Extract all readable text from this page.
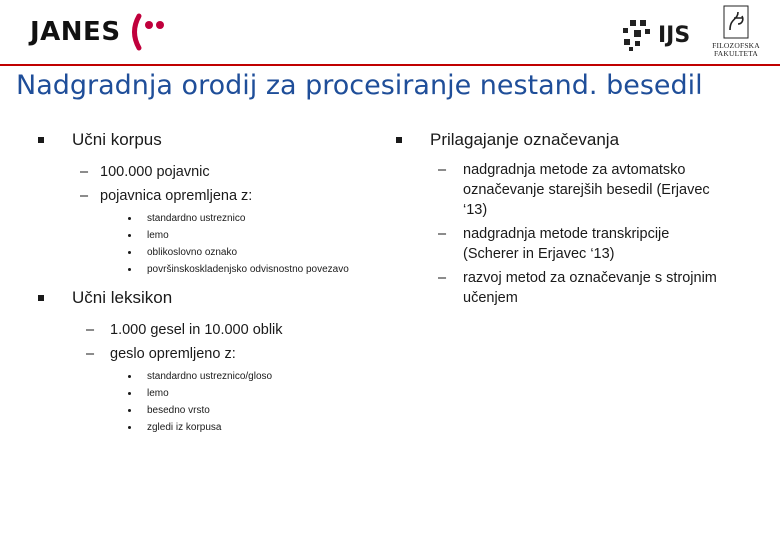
JANES	IJS	FILOZOFSKA
FAKULTETA
Nadgradnja orodij za procesiranje nestand. besedil
Učni korpus
– 100.000 pojavnic
– pojavnica opremljena z:
standardno ustreznico
lemo
oblikoslovno oznako
površinskoskladenjsko odvisnostno povezavo
Učni leksikon
– 1.000 gesel in 10.000 oblik
– geslo opremljeno z:
standardno ustreznico/gloso
lemo
besedno vrsto
zgledi iz korpusa
Prilagajanje označevanja
– nadgradnja metode za avtomatsko
označevanje starejših besedil (Erjavec
‘13)
– nadgradnja metode transkripcije
(Scherer in Erjavec ‘13)
– razvoj metod za označevanje s strojnim
učenjem
